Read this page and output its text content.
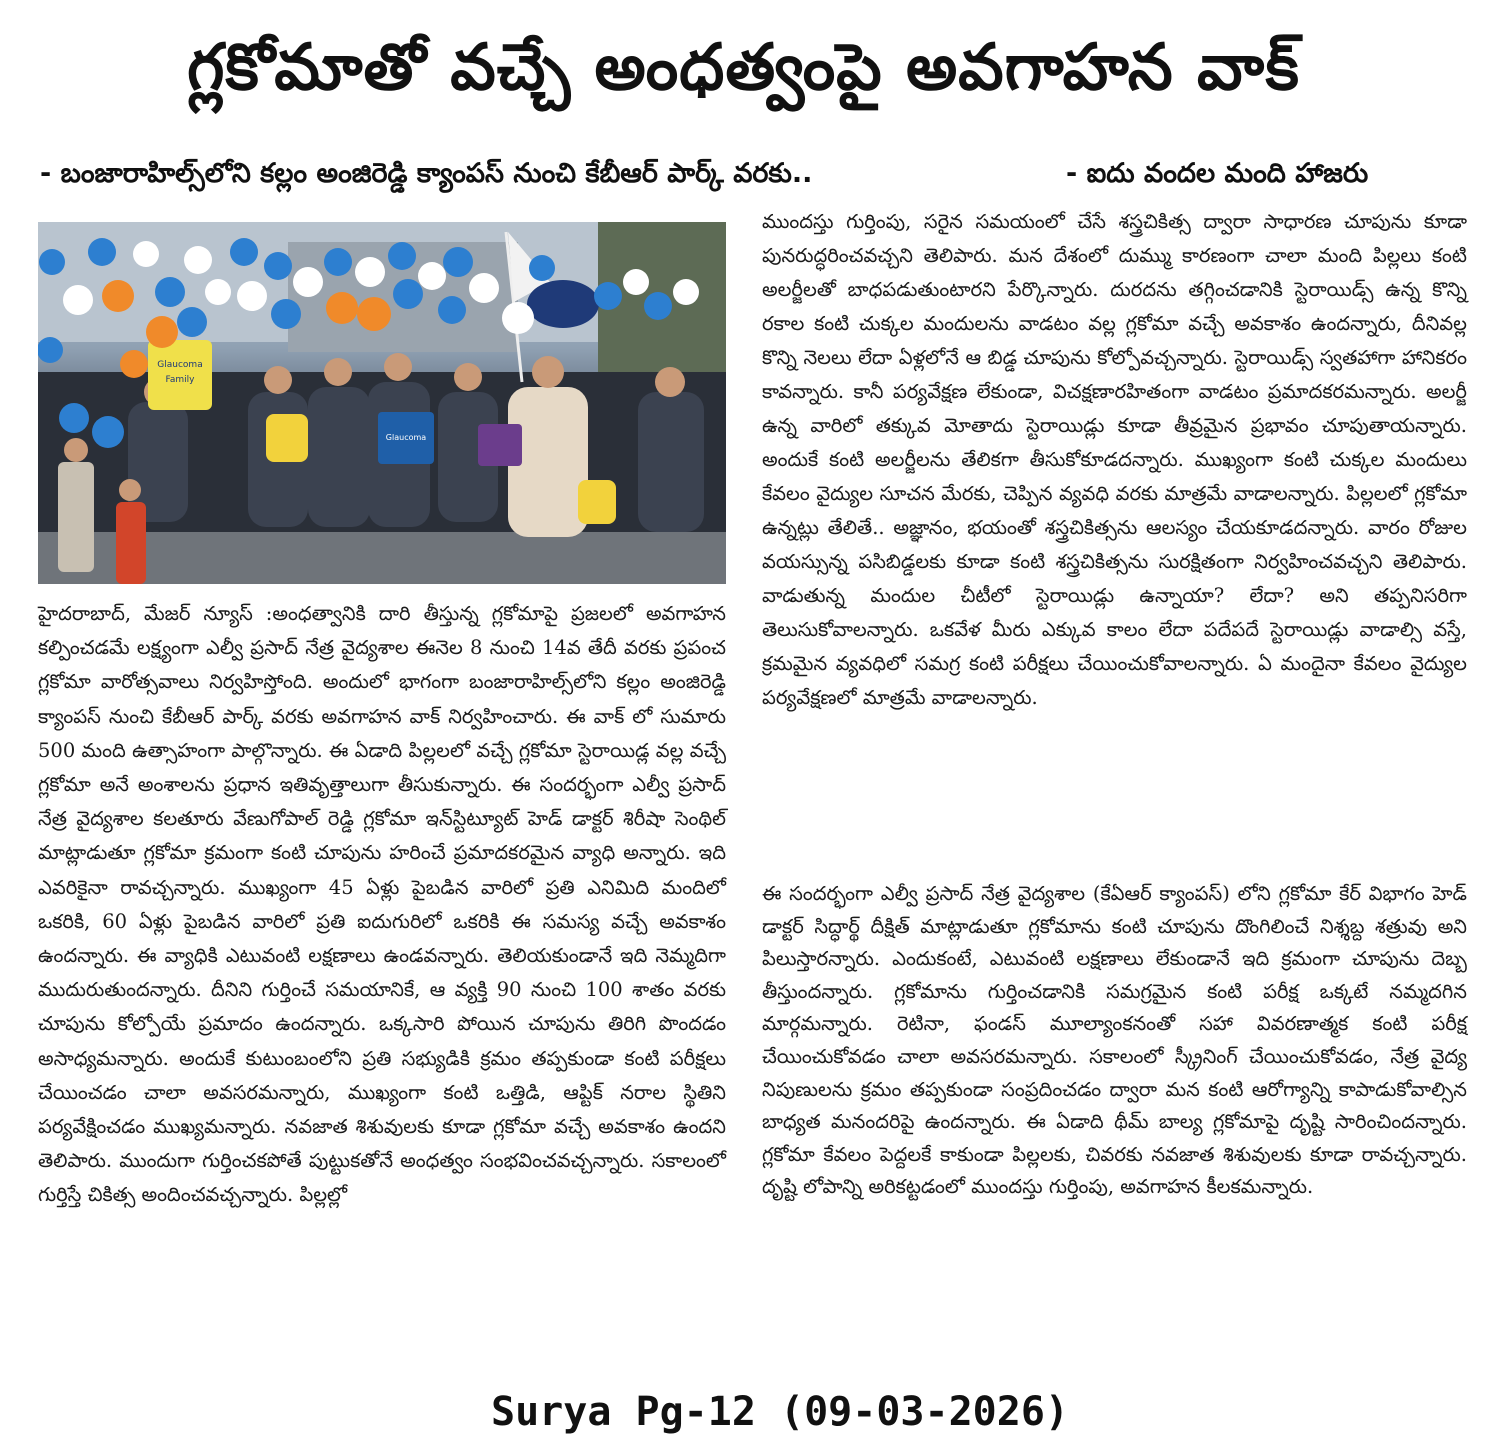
గ్లకోమాతో వచ్చే అంధత్వంపై అవగాహన వాక్
- బంజారాహిల్స్‌లోని కల్లం అంజిరెడ్డి క్యాంపస్ నుంచి కేబీఆర్ పార్క్ వరకు..	- ఐదు వందల మంది హాజరు
Glaucoma
Family
Glaucoma

హైదరాబాద్, మేజర్ న్యూస్ :అంధత్వానికి దారి తీస్తున్న గ్లకోమాపై ప్రజలలో అవగాహన కల్పించడమే లక్ష్యంగా ఎల్వీ ప్రసాద్ నేత్ర వైద్యశాల ఈనెల 8 నుంచి 14వ తేదీ వరకు ప్రపంచ గ్లకోమా వారోత్సవాలు నిర్వహిస్తోంది. అందులో భాగంగా బంజారాహిల్స్‌లోని కల్లం అంజిరెడ్డి క్యాంపస్ నుంచి కేబీఆర్ పార్క్ వరకు అవగాహన వాక్ నిర్వహించారు. ఈ వాక్ లో సుమారు 500 మంది ఉత్సాహంగా పాల్గొన్నారు. ఈ ఏడాది పిల్లలలో వచ్చే గ్లకోమా స్టెరాయిడ్ల వల్ల వచ్చే గ్లకోమా అనే అంశాలను ప్రధాన ఇతివృత్తాలుగా తీసుకున్నారు. ఈ సందర్భంగా ఎల్వీ ప్రసాద్ నేత్ర వైద్యశాల కలతూరు వేణుగోపాల్ రెడ్డి గ్లకోమా ఇన్‌స్టిట్యూట్ హెడ్ డాక్టర్ శిరీషా సెంథిల్ మాట్లాడుతూ గ్లకోమా క్రమంగా కంటి చూపును హరించే ప్రమాదకరమైన వ్యాధి అన్నారు. ఇది ఎవరికైనా రావచ్చన్నారు. ముఖ్యంగా 45 ఏళ్లు పైబడిన వారిలో ప్రతి ఎనిమిది మందిలో ఒకరికి, 60 ఏళ్లు పైబడిన వారిలో ప్రతి ఐదుగురిలో ఒకరికి ఈ సమస్య వచ్చే అవకాశం ఉందన్నారు. ఈ వ్యాధికి ఎటువంటి లక్షణాలు ఉండవన్నారు. తెలియకుండానే ఇది నెమ్మదిగా ముదురుతుందన్నారు. దీనిని గుర్తించే సమయానికే, ఆ వ్యక్తి 90 నుంచి 100 శాతం వరకు చూపును కోల్పోయే ప్రమాదం ఉందన్నారు. ఒక్కసారి పోయిన చూపును తిరిగి పొందడం అసాధ్యమన్నారు. అందుకే కుటుంబంలోని ప్రతి సభ్యుడికి క్రమం తప్పకుండా కంటి పరీక్షలు చేయించడం చాలా అవసరమన్నారు, ముఖ్యంగా కంటి ఒత్తిడి, ఆప్టిక్ నరాల స్థితిని పర్యవేక్షించడం ముఖ్యమన్నారు. నవజాత శిశువులకు కూడా గ్లకోమా వచ్చే అవకాశం ఉందని తెలిపారు. ముందుగా గుర్తించకపోతే పుట్టుకతోనే అంధత్వం సంభవించవచ్చన్నారు. సకాలంలో గుర్తిస్తే చికిత్స అందించవచ్చన్నారు. పిల్లల్లో

ముందస్తు గుర్తింపు, సరైన సమయంలో చేసే శస్త్రచికిత్స ద్వారా సాధారణ చూపును కూడా పునరుద్ధరించవచ్చని తెలిపారు. మన దేశంలో దుమ్ము కారణంగా చాలా మంది పిల్లలు కంటి అలర్జీలతో బాధపడుతుంటారని పేర్కొన్నారు. దురదను తగ్గించడానికి స్టెరాయిడ్స్ ఉన్న కొన్ని రకాల కంటి చుక్కల మందులను వాడటం వల్ల గ్లకోమా వచ్చే అవకాశం ఉందన్నారు, దీనివల్ల కొన్ని నెలలు లేదా ఏళ్లలోనే ఆ బిడ్డ చూపును కోల్పోవచ్చన్నారు. స్టెరాయిడ్స్ స్వతహాగా హానికరం కావన్నారు. కానీ పర్యవేక్షణ లేకుండా, విచక్షణారహితంగా వాడటం ప్రమాదకరమన్నారు. అలర్జీ ఉన్న వారిలో తక్కువ మోతాదు స్టెరాయిడ్లు కూడా తీవ్రమైన ప్రభావం చూపుతాయన్నారు. అందుకే కంటి అలర్జీలను తేలికగా తీసుకోకూడదన్నారు. ముఖ్యంగా కంటి చుక్కల మందులు కేవలం వైద్యుల సూచన మేరకు, చెప్పిన వ్యవధి వరకు మాత్రమే వాడాలన్నారు. పిల్లలలో గ్లకోమా ఉన్నట్లు తేలితే.. అజ్ఞానం, భయంతో శస్త్రచికిత్సను ఆలస్యం చేయకూడదన్నారు. వారం రోజుల వయస్సున్న పసిబిడ్డలకు కూడా కంటి శస్త్రచికిత్సను సురక్షితంగా నిర్వహించవచ్చని తెలిపారు. వాడుతున్న మందుల చీటీలో స్టెరాయిడ్లు ఉన్నాయా? లేదా? అని తప్పనిసరిగా తెలుసుకోవాలన్నారు. ఒకవేళ మీరు ఎక్కువ కాలం లేదా పదేపదే స్టెరాయిడ్లు వాడాల్సి వస్తే, క్రమమైన వ్యవధిలో సమగ్ర కంటి పరీక్షలు చేయించుకోవాలన్నారు. ఏ మందైనా కేవలం వైద్యుల పర్యవేక్షణలో మాత్రమే వాడాలన్నారు.

ఈ సందర్భంగా ఎల్వీ ప్రసాద్ నేత్ర వైద్యశాల (కేఏఆర్ క్యాంపస్) లోని గ్లకోమా కేర్ విభాగం హెడ్ డాక్టర్ సిద్ధార్థ్ దీక్షిత్ మాట్లాడుతూ గ్లకోమాను కంటి చూపును దొంగిలించే నిశ్శబ్ద శత్రువు అని పిలుస్తారన్నారు. ఎందుకంటే, ఎటువంటి లక్షణాలు లేకుండానే ఇది క్రమంగా చూపును దెబ్బ తీస్తుందన్నారు. గ్లకోమాను గుర్తించడానికి సమగ్రమైన కంటి పరీక్ష ఒక్కటే నమ్మదగిన మార్గమన్నారు. రెటినా, ఫండస్ మూల్యాంకనంతో సహా వివరణాత్మక కంటి పరీక్ష చేయించుకోవడం చాలా అవసరమన్నారు. సకాలంలో స్క్రీనింగ్ చేయించుకోవడం, నేత్ర వైద్య నిపుణులను క్రమం తప్పకుండా సంప్రదించడం ద్వారా మన కంటి ఆరోగ్యాన్ని కాపాడుకోవాల్సిన బాధ్యత మనందరిపై ఉందన్నారు. ఈ ఏడాది థీమ్ బాల్య గ్లకోమాపై దృష్టి సారించిందన్నారు. గ్లకోమా కేవలం పెద్దలకే కాకుండా పిల్లలకు, చివరకు నవజాత శిశువులకు కూడా రావచ్చన్నారు. దృష్టి లోపాన్ని అరికట్టడంలో ముందస్తు గుర్తింపు, అవగాహన కీలకమన్నారు.

Surya Pg-12 (09-03-2026)
